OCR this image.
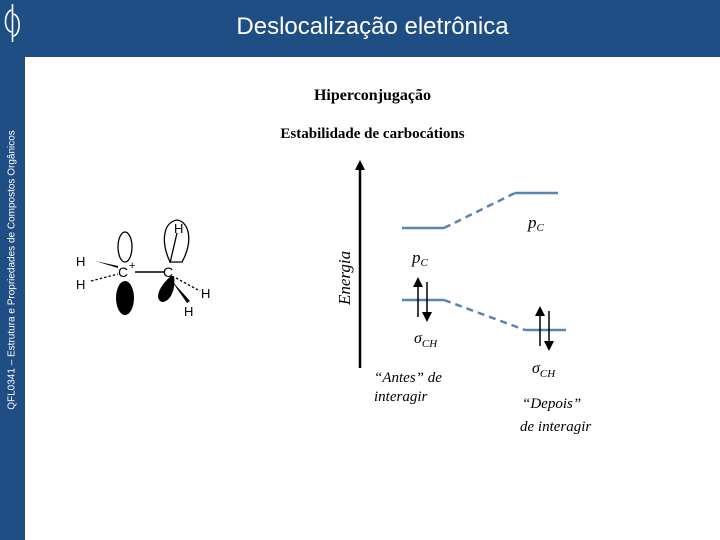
QFL0341 – Estrutura e Propriedades de Compostos Orgânicos
Deslocalização eletrônica
Hiperconjugação
Estabilidade de carbocátions
H
H
H
C + C
H
H
Energia
pC
pC
$\sigma_{CH}$
$\sigma_{CH}$
“Antes” de
interagir	“Depois”
de interagir
